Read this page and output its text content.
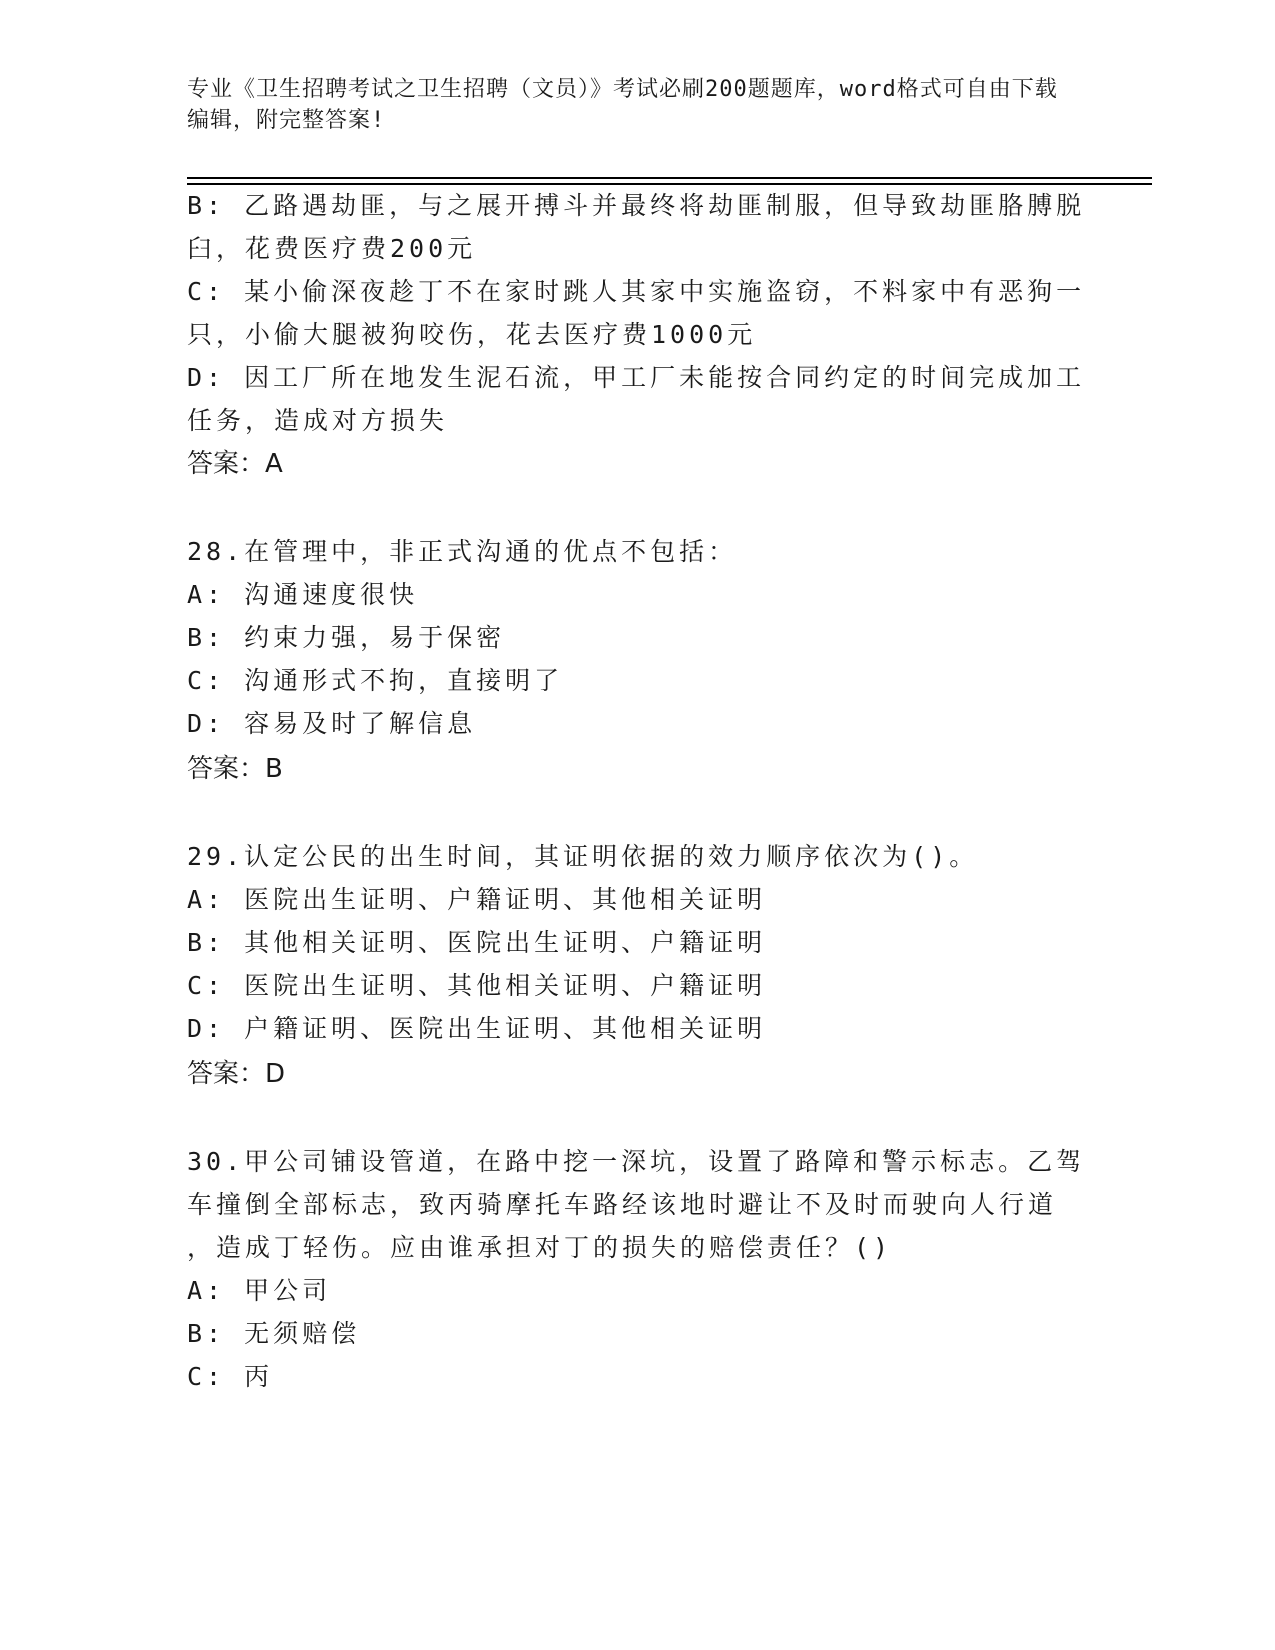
专业《卫生招聘考试之卫生招聘（文员）》考试必刷200题题库，word格式可自由下载编辑，附完整答案!
B: 乙路遇劫匪，与之展开搏斗并最终将劫匪制服，但导致劫匪胳膊脱
臼，花费医疗费200元
C: 某小偷深夜趁丁不在家时跳人其家中实施盗窃，不料家中有恶狗一
只，小偷大腿被狗咬伤，花去医疗费1000元
D: 因工厂所在地发生泥石流，甲工厂未能按合同约定的时间完成加工
任务，造成对方损失
答案：A
28.在管理中，非正式沟通的优点不包括：
A: 沟通速度很快
B: 约束力强，易于保密
C: 沟通形式不拘，直接明了
D: 容易及时了解信息
答案：B
29.认定公民的出生时间，其证明依据的效力顺序依次为()。
A: 医院出生证明、户籍证明、其他相关证明
B: 其他相关证明、医院出生证明、户籍证明
C: 医院出生证明、其他相关证明、户籍证明
D: 户籍证明、医院出生证明、其他相关证明
答案：D
30.甲公司铺设管道，在路中挖一深坑，设置了路障和警示标志。乙驾
车撞倒全部标志，致丙骑摩托车路经该地时避让不及时而驶向人行道
，造成丁轻伤。应由谁承担对丁的损失的赔偿责任？()
A: 甲公司
B: 无须赔偿
C: 丙
